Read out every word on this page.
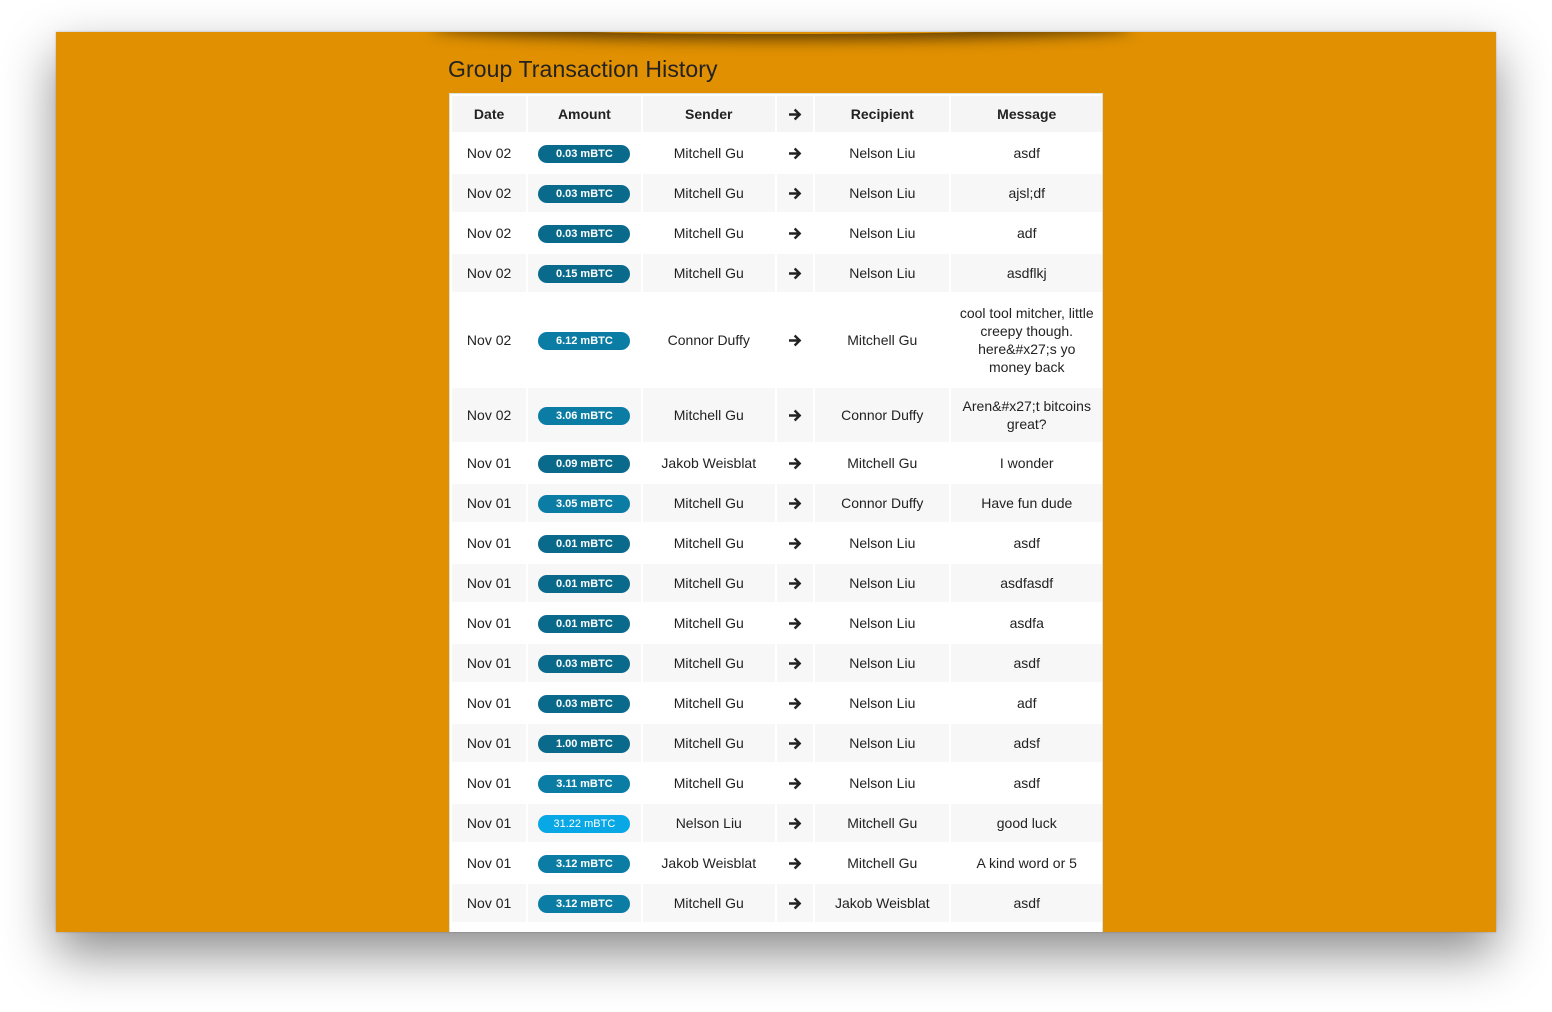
Group Transaction History
Date	Amount	Sender		Recipient	Message
Nov 02	0.03 mBTC	Mitchell Gu		Nelson Liu	asdf
Nov 02	0.03 mBTC	Mitchell Gu		Nelson Liu	ajsl;df
Nov 02	0.03 mBTC	Mitchell Gu		Nelson Liu	adf
Nov 02	0.15 mBTC	Mitchell Gu		Nelson Liu	asdflkj
Nov 02	6.12 mBTC	Connor Duffy		Mitchell Gu	cool tool mitcher, little creepy though. here&#x27;s yo money back
Nov 02	3.06 mBTC	Mitchell Gu		Connor Duffy	Aren&#x27;t bitcoins great?
Nov 01	0.09 mBTC	Jakob Weisblat		Mitchell Gu	I wonder
Nov 01	3.05 mBTC	Mitchell Gu		Connor Duffy	Have fun dude
Nov 01	0.01 mBTC	Mitchell Gu		Nelson Liu	asdf
Nov 01	0.01 mBTC	Mitchell Gu		Nelson Liu	asdfasdf
Nov 01	0.01 mBTC	Mitchell Gu		Nelson Liu	asdfa
Nov 01	0.03 mBTC	Mitchell Gu		Nelson Liu	asdf
Nov 01	0.03 mBTC	Mitchell Gu		Nelson Liu	adf
Nov 01	1.00 mBTC	Mitchell Gu		Nelson Liu	adsf
Nov 01	3.11 mBTC	Mitchell Gu		Nelson Liu	asdf
Nov 01	31.22 mBTC	Nelson Liu		Mitchell Gu	good luck
Nov 01	3.12 mBTC	Jakob Weisblat		Mitchell Gu	A kind word or 5
Nov 01	3.12 mBTC	Mitchell Gu		Jakob Weisblat	asdf
